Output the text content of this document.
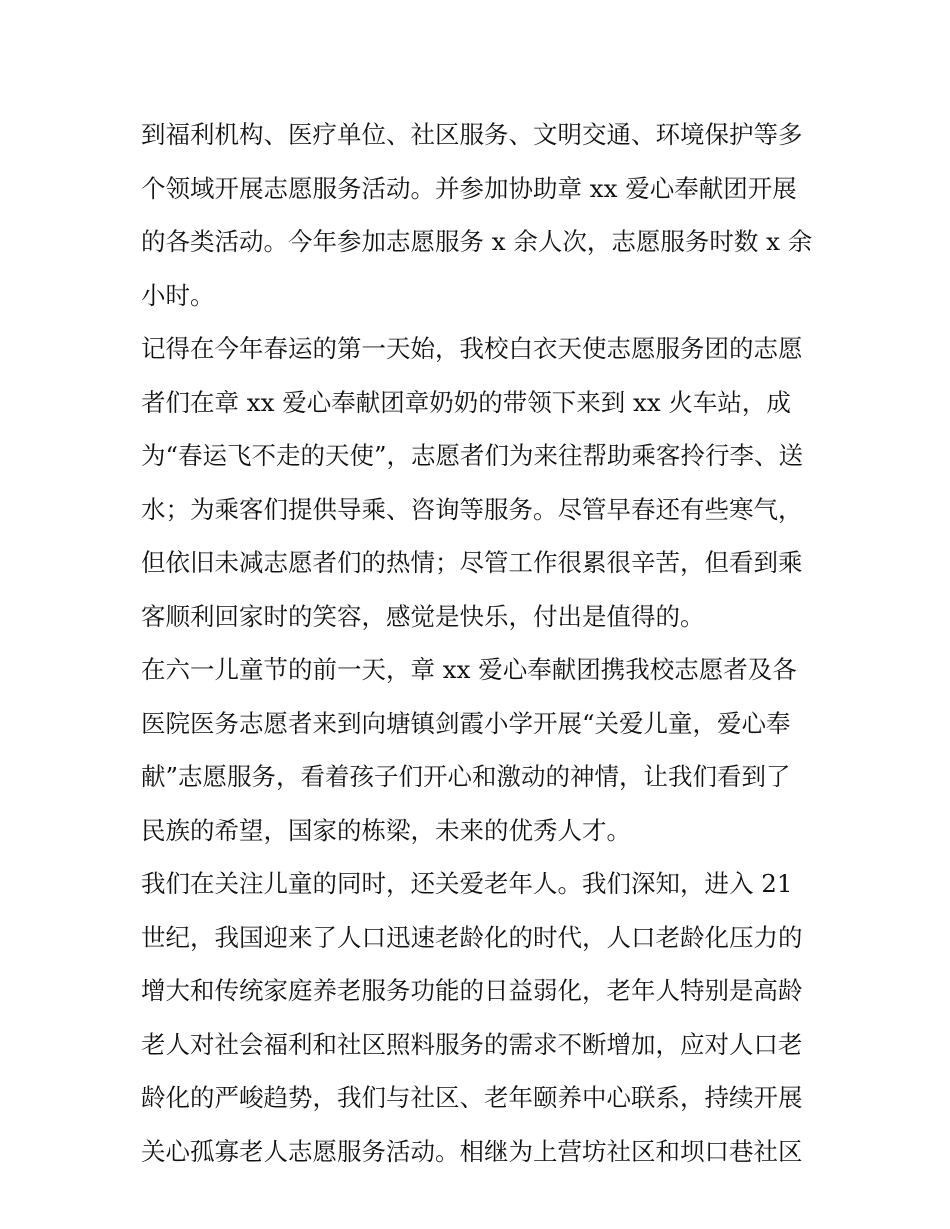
到福利机构、医疗单位、社区服务、文明交通、环境保护等多
个领域开展志愿服务活动。并参加协助章 xx 爱心奉献团开展
的各类活动。今年参加志愿服务 x 余人次，志愿服务时数 x 余
小时。
记得在今年春运的第一天始，我校白衣天使志愿服务团的志愿
者们在章 xx 爱心奉献团章奶奶的带领下来到 xx 火车站，成
为“春运飞不走的天使”，志愿者们为来往帮助乘客拎行李、送
水；为乘客们提供导乘、咨询等服务。尽管早春还有些寒气，
但依旧未减志愿者们的热情；尽管工作很累很辛苦，但看到乘
客顺利回家时的笑容，感觉是快乐，付出是值得的。
在六一儿童节的前一天，章 xx 爱心奉献团携我校志愿者及各
医院医务志愿者来到向塘镇剑霞小学开展“关爱儿童，爱心奉
献”志愿服务，看着孩子们开心和激动的神情，让我们看到了
民族的希望，国家的栋梁，未来的优秀人才。
我们在关注儿童的同时，还关爱老年人。我们深知，进入 21
世纪，我国迎来了人口迅速老龄化的时代，人口老龄化压力的
增大和传统家庭养老服务功能的日益弱化，老年人特别是高龄
老人对社会福利和社区照料服务的需求不断增加，应对人口老
龄化的严峻趋势，我们与社区、老年颐养中心联系，持续开展
关心孤寡老人志愿服务活动。相继为上营坊社区和坝口巷社区
